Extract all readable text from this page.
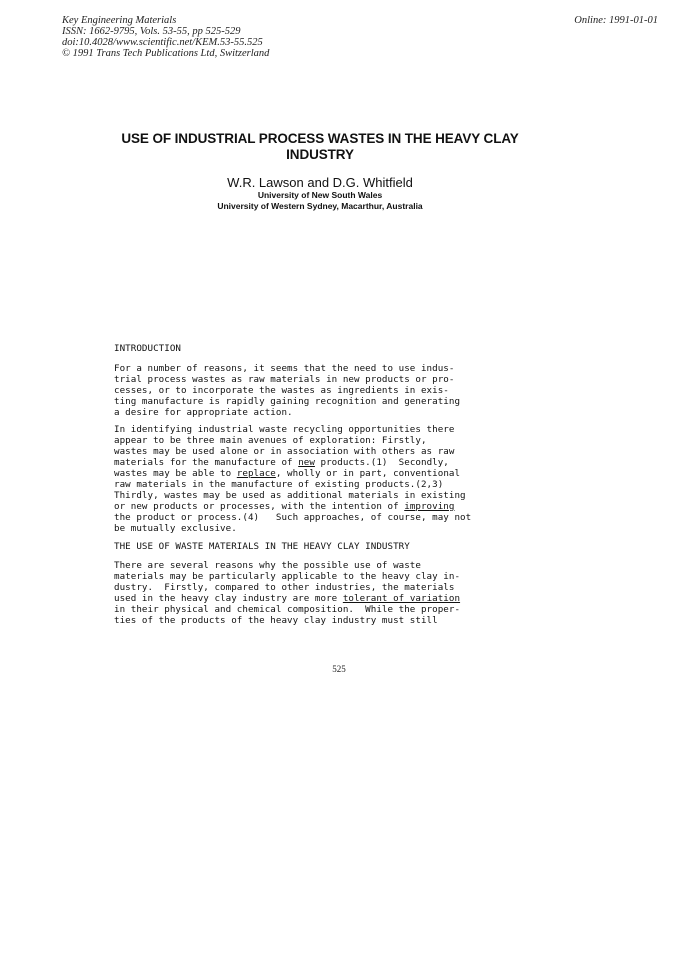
Key Engineering Materials
ISSN: 1662-9795, Vols. 53-55, pp 525-529
doi:10.4028/www.scientific.net/KEM.53-55.525
© 1991 Trans Tech Publications Ltd, Switzerland
Online: 1991-01-01
USE OF INDUSTRIAL PROCESS WASTES IN THE HEAVY CLAY
INDUSTRY
W.R. Lawson and D.G. Whitfield
University of New South Wales
University of Western Sydney, Macarthur, Australia

INTRODUCTION

For a number of reasons, it seems that the need to use indus-
trial process wastes as raw materials in new products or pro-
cesses, or to incorporate the wastes as ingredients in exis-
ting manufacture is rapidly gaining recognition and generating
a desire for appropriate action.

In identifying industrial waste recycling opportunities there
appear to be three main avenues of exploration: Firstly,
wastes may be used alone or in association with others as raw
materials for the manufacture of new products.(1)  Secondly,
wastes may be able to replace, wholly or in part, conventional
raw materials in the manufacture of existing products.(2,3)
Thirdly, wastes may be used as additional materials in existing
or new products or processes, with the intention of improving
the product or process.(4)   Such approaches, of course, may not
be mutually exclusive.

THE USE OF WASTE MATERIALS IN THE HEAVY CLAY INDUSTRY

There are several reasons why the possible use of waste
materials may be particularly applicable to the heavy clay in-
dustry.  Firstly, compared to other industries, the materials
used in the heavy clay industry are more tolerant of variation
in their physical and chemical composition.  While the proper-
ties of the products of the heavy clay industry must still

525
